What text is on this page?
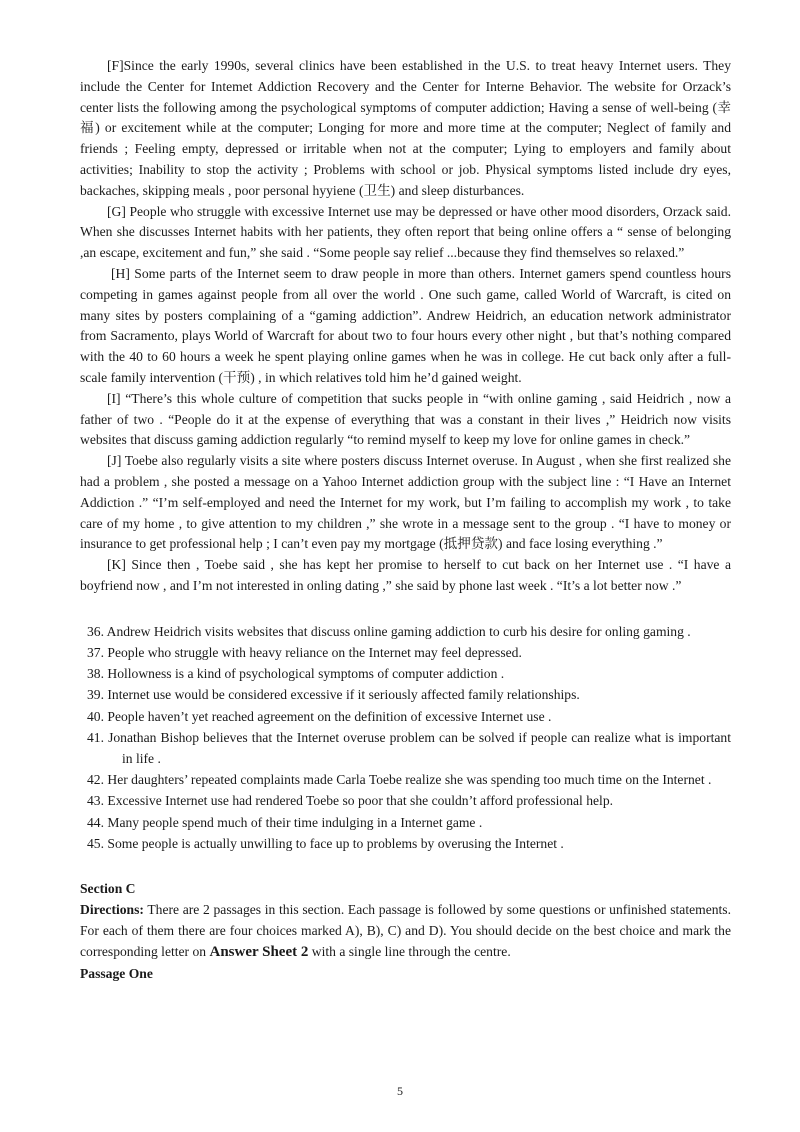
[F]Since the early 1990s, several clinics have been established in the U.S. to treat heavy Internet users. They include the Center for Intemet Addiction Recovery and the Center for Interne Behavior. The website for Orzack’s center lists the following among the psychological symptoms of computer addiction; Having a sense of well-being (幸福) or excitement while at the computer; Longing for more and more time at the computer; Neglect of family and friends ; Feeling empty, depressed or irritable when not at the computer; Lying to employers and family about activities; Inability to stop the activity ; Problems with school or job. Physical symptoms listed include dry eyes, backaches, skipping meals , poor personal hyyiene (卫生) and sleep disturbances.

[G] People who struggle with excessive Internet use may be depressed or have other mood disorders, Orzack said. When she discusses Internet habits with her patients, they often report that being online offers a “ sense of belonging ,an escape, excitement and fun,” she said . “Some people say relief ...because they find themselves so relaxed.”

[H] Some parts of the Internet seem to draw people in more than others. Internet gamers spend countless hours competing in games against people from all over the world . One such game, called World of Warcraft, is cited on many sites by posters complaining of a “gaming addiction”. Andrew Heidrich, an education network administrator from Sacramento, plays World of Warcraft for about two to four hours every other night , but that’s nothing compared with the 40 to 60 hours a week he spent playing online games when he was in college. He cut back only after a full-scale family intervention (干预) , in which relatives told him he’d gained weight.

[I] “There’s this whole culture of competition that sucks people in “with online gaming , said Heidrich , now a father of two . “People do it at the expense of everything that was a constant in their lives ,” Heidrich now visits websites that discuss gaming addiction regularly “to remind myself to keep my love for online games in check.”

[J] Toebe also regularly visits a site where posters discuss Internet overuse. In August , when she first realized she had a problem , she posted a message on a Yahoo Internet addiction group with the subject line : “I Have an Internet Addiction .” “I’m self-employed and need the Internet for my work, but I’m failing to accomplish my work , to take care of my home , to give attention to my children ,” she wrote in a message sent to the group . “I have to money or insurance to get professional help ; I can’t even pay my mortgage (抵押贷款) and face losing everything .”

[K] Since then , Toebe said , she has kept her promise to herself to cut back on her Internet use . “I have a boyfriend now , and I’m not interested in onling dating ,” she said by phone last week . “It’s a lot better now .”

36. Andrew Heidrich visits websites that discuss online gaming addiction to curb his desire for onling gaming .

37. People who struggle with heavy reliance on the Internet may feel depressed.

38. Hollowness is a kind of psychological symptoms of computer addiction .

39. Internet use would be considered excessive if it seriously affected family relationships.

40. People haven’t yet reached agreement on the definition of excessive Internet use .

41. Jonathan Bishop believes that the Internet overuse problem can be solved if people can realize what is important in life .

42. Her daughters’ repeated complaints made Carla Toebe realize she was spending too much time on the Internet .

43. Excessive Internet use had rendered Toebe so poor that she couldn’t afford professional help.

44. Many people spend much of their time indulging in a Internet game .

45. Some people is actually unwilling to face up to problems by overusing the Internet .

Section C

Directions: There are 2 passages in this section. Each passage is followed by some questions or unfinished statements. For each of them there are four choices marked A), B), C) and D). You should decide on the best choice and mark the corresponding letter on Answer Sheet 2 with a single line through the centre.

Passage One

5
